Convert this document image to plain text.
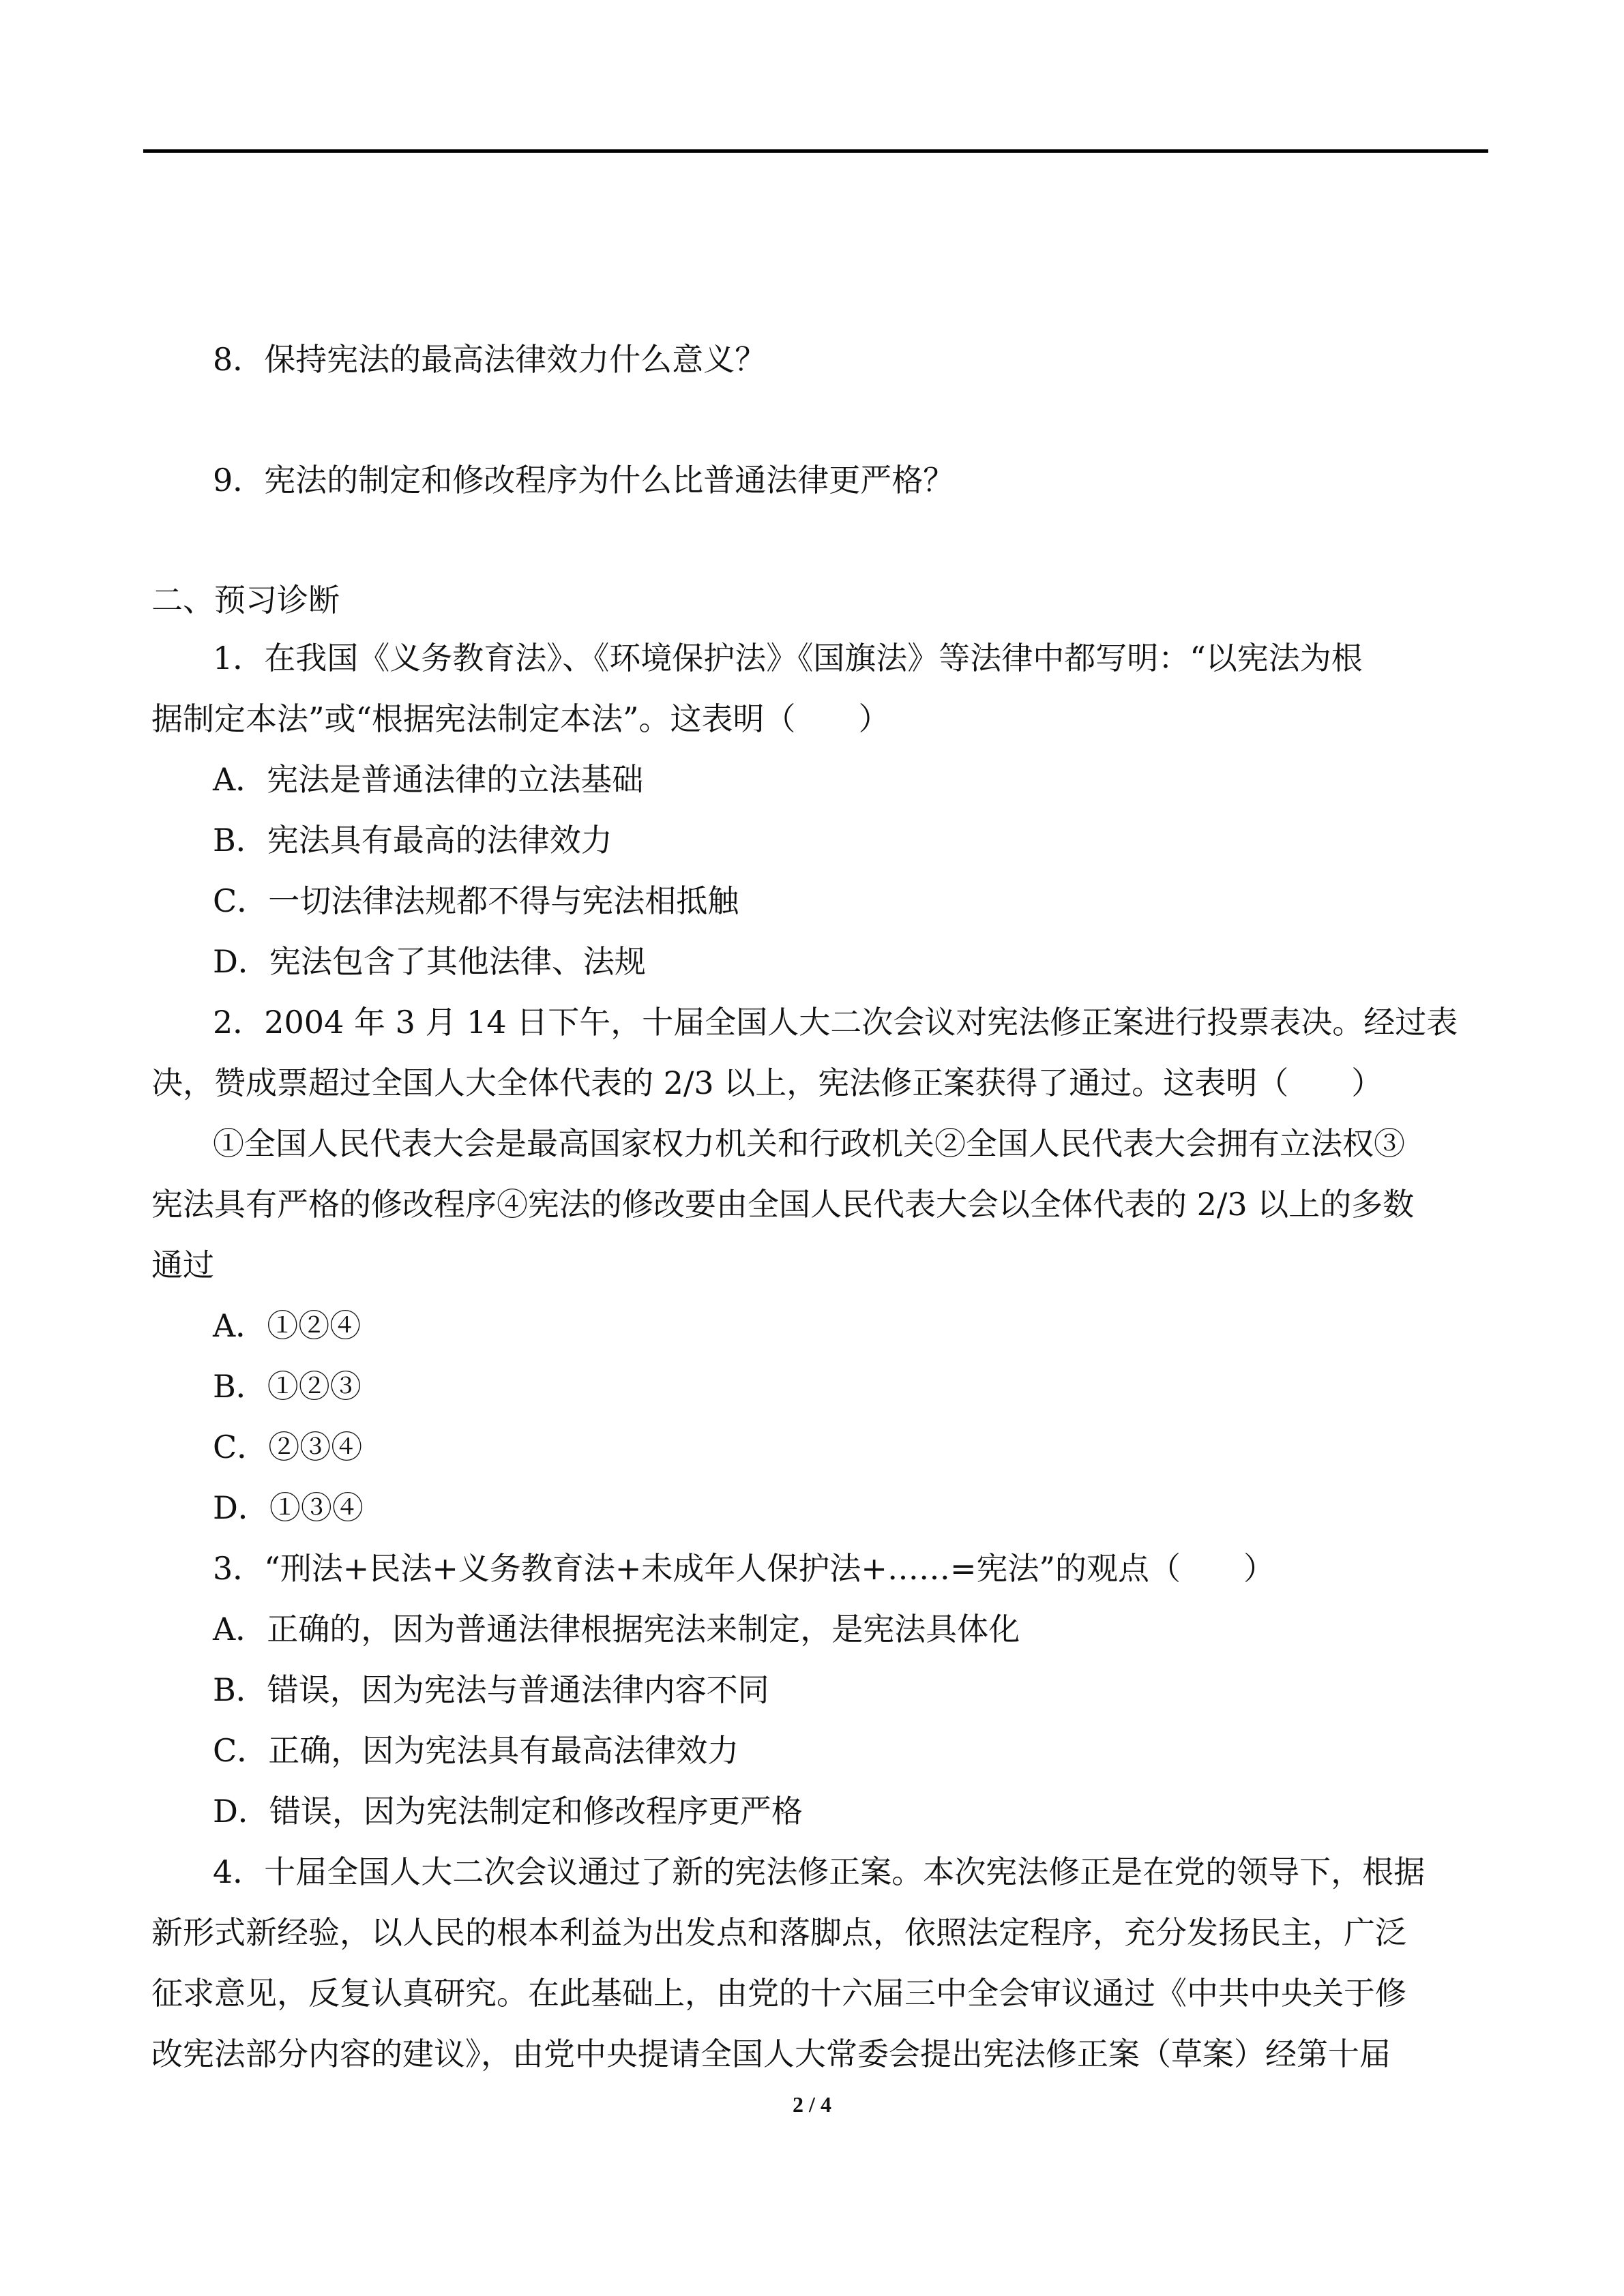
8．保持宪法的最高法律效力什么意义？
9．宪法的制定和修改程序为什么比普通法律更严格？
二、预习诊断
1．在我国《义务教育法》、《环境保护法》《国旗法》等法律中都写明：“以宪法为根
据制定本法”或“根据宪法制定本法”。这表明（　　）
A．宪法是普通法律的立法基础
B．宪法具有最高的法律效力
C．一切法律法规都不得与宪法相抵触
D．宪法包含了其他法律、法规
2．2004 年 3 月 14 日下午，十届全国人大二次会议对宪法修正案进行投票表决。经过表
决，赞成票超过全国人大全体代表的 2/3 以上，宪法修正案获得了通过。这表明（　　）
①全国人民代表大会是最高国家权力机关和行政机关②全国人民代表大会拥有立法权③
宪法具有严格的修改程序④宪法的修改要由全国人民代表大会以全体代表的 2/3 以上的多数
通过
A．①②④
B．①②③
C．②③④
D．①③④
3．“刑法+民法+义务教育法+未成年人保护法+……=宪法”的观点（　　）
A．正确的，因为普通法律根据宪法来制定，是宪法具体化
B．错误，因为宪法与普通法律内容不同
C．正确，因为宪法具有最高法律效力
D．错误，因为宪法制定和修改程序更严格
4．十届全国人大二次会议通过了新的宪法修正案。本次宪法修正是在党的领导下，根据
新形式新经验，以人民的根本利益为出发点和落脚点，依照法定程序，充分发扬民主，广泛
征求意见，反复认真研究。在此基础上，由党的十六届三中全会审议通过《中共中央关于修
改宪法部分内容的建议》，由党中央提请全国人大常委会提出宪法修正案（草案）经第十届
2 / 4
